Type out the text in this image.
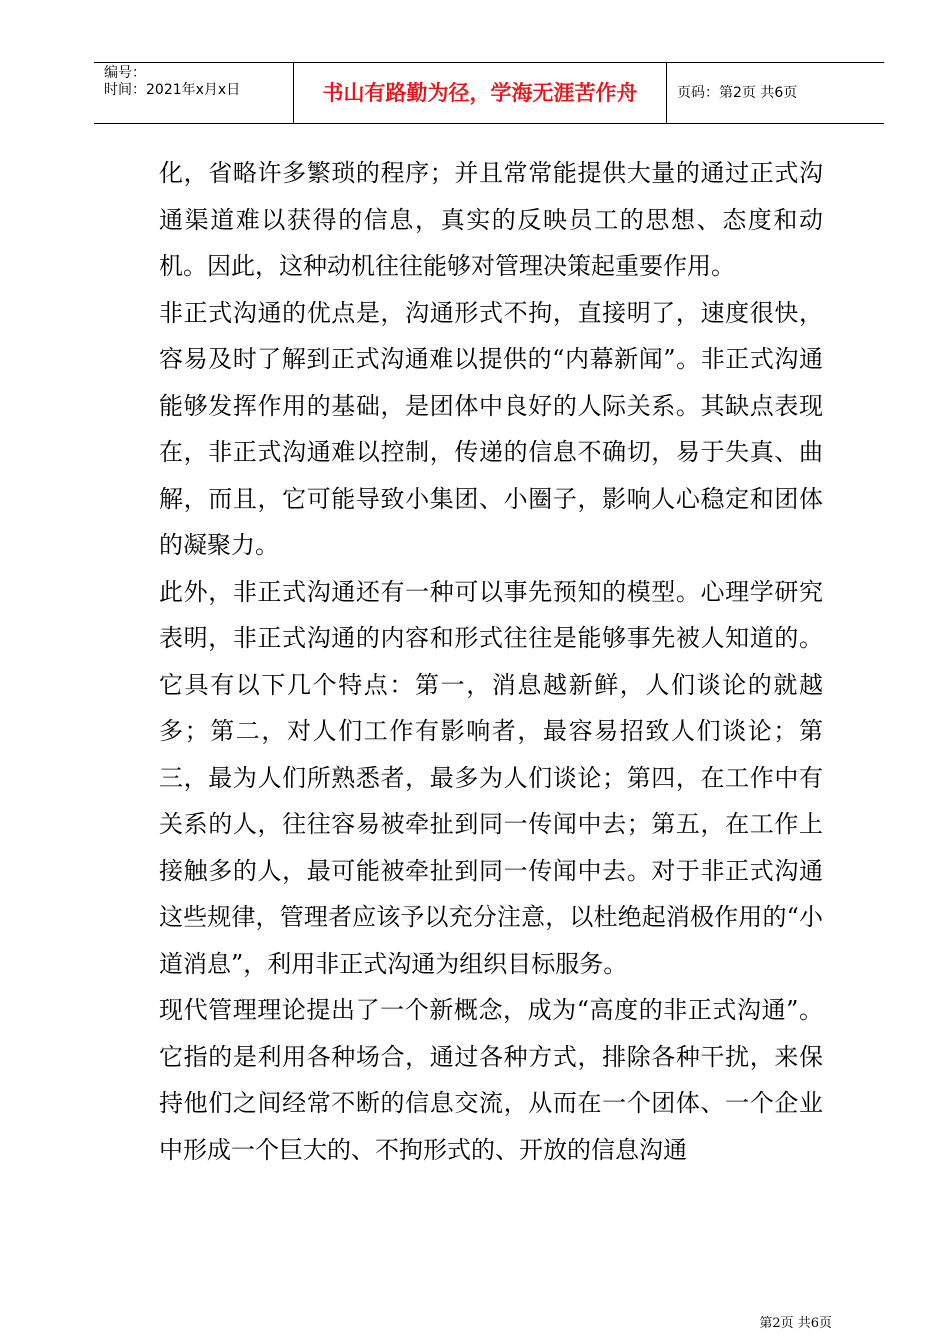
编号：
时间：2021年x月x日	书山有路勤为径，学海无涯苦作舟	页码：第2页 共6页

化，省略许多繁琐的程序；并且常常能提供大量的通过正式沟通渠道难以获得的信息，真实的反映员工的思想、态度和动机。因此，这种动机往往能够对管理决策起重要作用。

非正式沟通的优点是，沟通形式不拘，直接明了，速度很快，容易及时了解到正式沟通难以提供的“内幕新闻”。非正式沟通能够发挥作用的基础，是团体中良好的人际关系。其缺点表现在，非正式沟通难以控制，传递的信息不确切，易于失真、曲解，而且，它可能导致小集团、小圈子，影响人心稳定和团体的凝聚力。

此外，非正式沟通还有一种可以事先预知的模型。心理学研究表明，非正式沟通的内容和形式往往是能够事先被人知道的。它具有以下几个特点：第一，消息越新鲜，人们谈论的就越多；第二，对人们工作有影响者，最容易招致人们谈论；第三，最为人们所熟悉者，最多为人们谈论；第四，在工作中有关系的人，往往容易被牵扯到同一传闻中去；第五，在工作上接触多的人，最可能被牵扯到同一传闻中去。对于非正式沟通这些规律，管理者应该予以充分注意，以杜绝起消极作用的“小道消息”，利用非正式沟通为组织目标服务。

现代管理理论提出了一个新概念，成为“高度的非正式沟通”。它指的是利用各种场合，通过各种方式，排除各种干扰，来保持他们之间经常不断的信息交流，从而在一个团体、一个企业中形成一个巨大的、不拘形式的、开放的信息沟通

第2页 共6页
